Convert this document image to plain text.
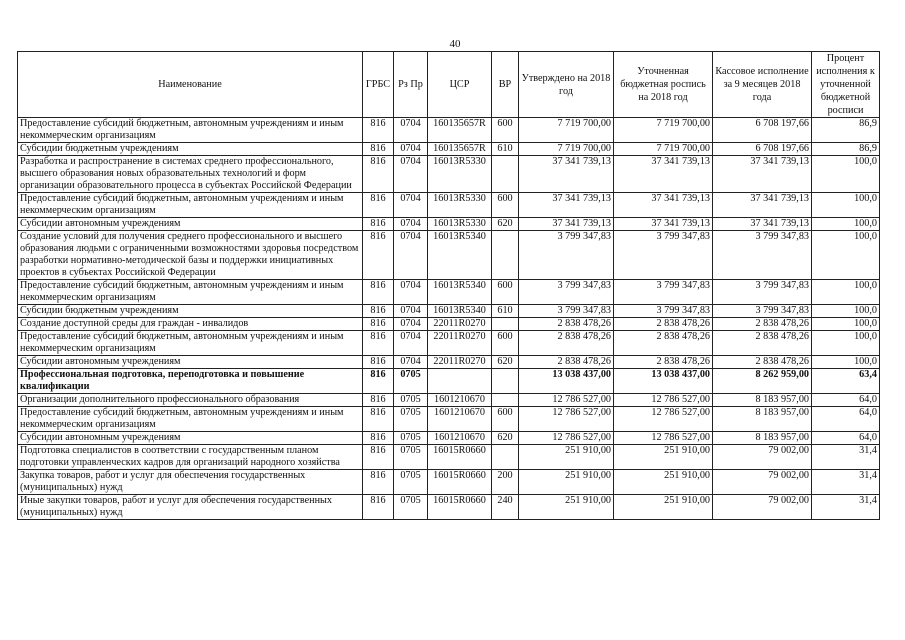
40
Наименование	ГРБС	Рз Пр	ЦСР	ВР	Утверждено на 2018 год	Уточненная бюджетная роспись на 2018 год	Кассовое исполнение за 9 месяцев 2018 года	Процент исполнения к уточненной бюджетной росписи
Предоставление субсидий бюджетным, автономным учреждениям и иным некоммерческим организациям	816	0704	160135657R	600	7 719 700,00	7 719 700,00	6 708 197,66	86,9
Субсидии бюджетным учреждениям	816	0704	160135657R	610	7 719 700,00	7 719 700,00	6 708 197,66	86,9
Разработка и распространение в системах среднего профессионального, высшего образования новых образовательных технологий и форм организации образовательного процесса в субъектах Российской Федерации	816	0704	16013R5330		37 341 739,13	37 341 739,13	37 341 739,13	100,0
Предоставление субсидий бюджетным, автономным учреждениям и иным некоммерческим организациям	816	0704	16013R5330	600	37 341 739,13	37 341 739,13	37 341 739,13	100,0
Субсидии автономным учреждениям	816	0704	16013R5330	620	37 341 739,13	37 341 739,13	37 341 739,13	100,0
Создание условий для получения среднего профессионального и высшего образования людьми с ограниченными возможностями здоровья посредством разработки нормативно-методической базы и поддержки инициативных проектов в субъектах Российской Федерации	816	0704	16013R5340		3 799 347,83	3 799 347,83	3 799 347,83	100,0
Предоставление субсидий бюджетным, автономным учреждениям и иным некоммерческим организациям	816	0704	16013R5340	600	3 799 347,83	3 799 347,83	3 799 347,83	100,0
Субсидии бюджетным учреждениям	816	0704	16013R5340	610	3 799 347,83	3 799 347,83	3 799 347,83	100,0
Создание доступной среды для граждан - инвалидов	816	0704	22011R0270		2 838 478,26	2 838 478,26	2 838 478,26	100,0
Предоставление субсидий бюджетным, автономным учреждениям и иным некоммерческим организациям	816	0704	22011R0270	600	2 838 478,26	2 838 478,26	2 838 478,26	100,0
Субсидии автономным учреждениям	816	0704	22011R0270	620	2 838 478,26	2 838 478,26	2 838 478,26	100,0
Профессиональная подготовка, переподготовка и повышение квалификации	816	0705			13 038 437,00	13 038 437,00	8 262 959,00	63,4
Организации дополнительного профессионального образования	816	0705	1601210670		12 786 527,00	12 786 527,00	8 183 957,00	64,0
Предоставление субсидий бюджетным, автономным учреждениям и иным некоммерческим организациям	816	0705	1601210670	600	12 786 527,00	12 786 527,00	8 183 957,00	64,0
Субсидии автономным учреждениям	816	0705	1601210670	620	12 786 527,00	12 786 527,00	8 183 957,00	64,0
Подготовка специалистов в соответствии с государственным планом подготовки управленческих кадров для организаций народного хозяйства	816	0705	16015R0660		251 910,00	251 910,00	79 002,00	31,4
Закупка товаров, работ и услуг для обеспечения государственных (муниципальных) нужд	816	0705	16015R0660	200	251 910,00	251 910,00	79 002,00	31,4
Иные закупки товаров, работ и услуг для обеспечения государственных (муниципальных) нужд	816	0705	16015R0660	240	251 910,00	251 910,00	79 002,00	31,4
